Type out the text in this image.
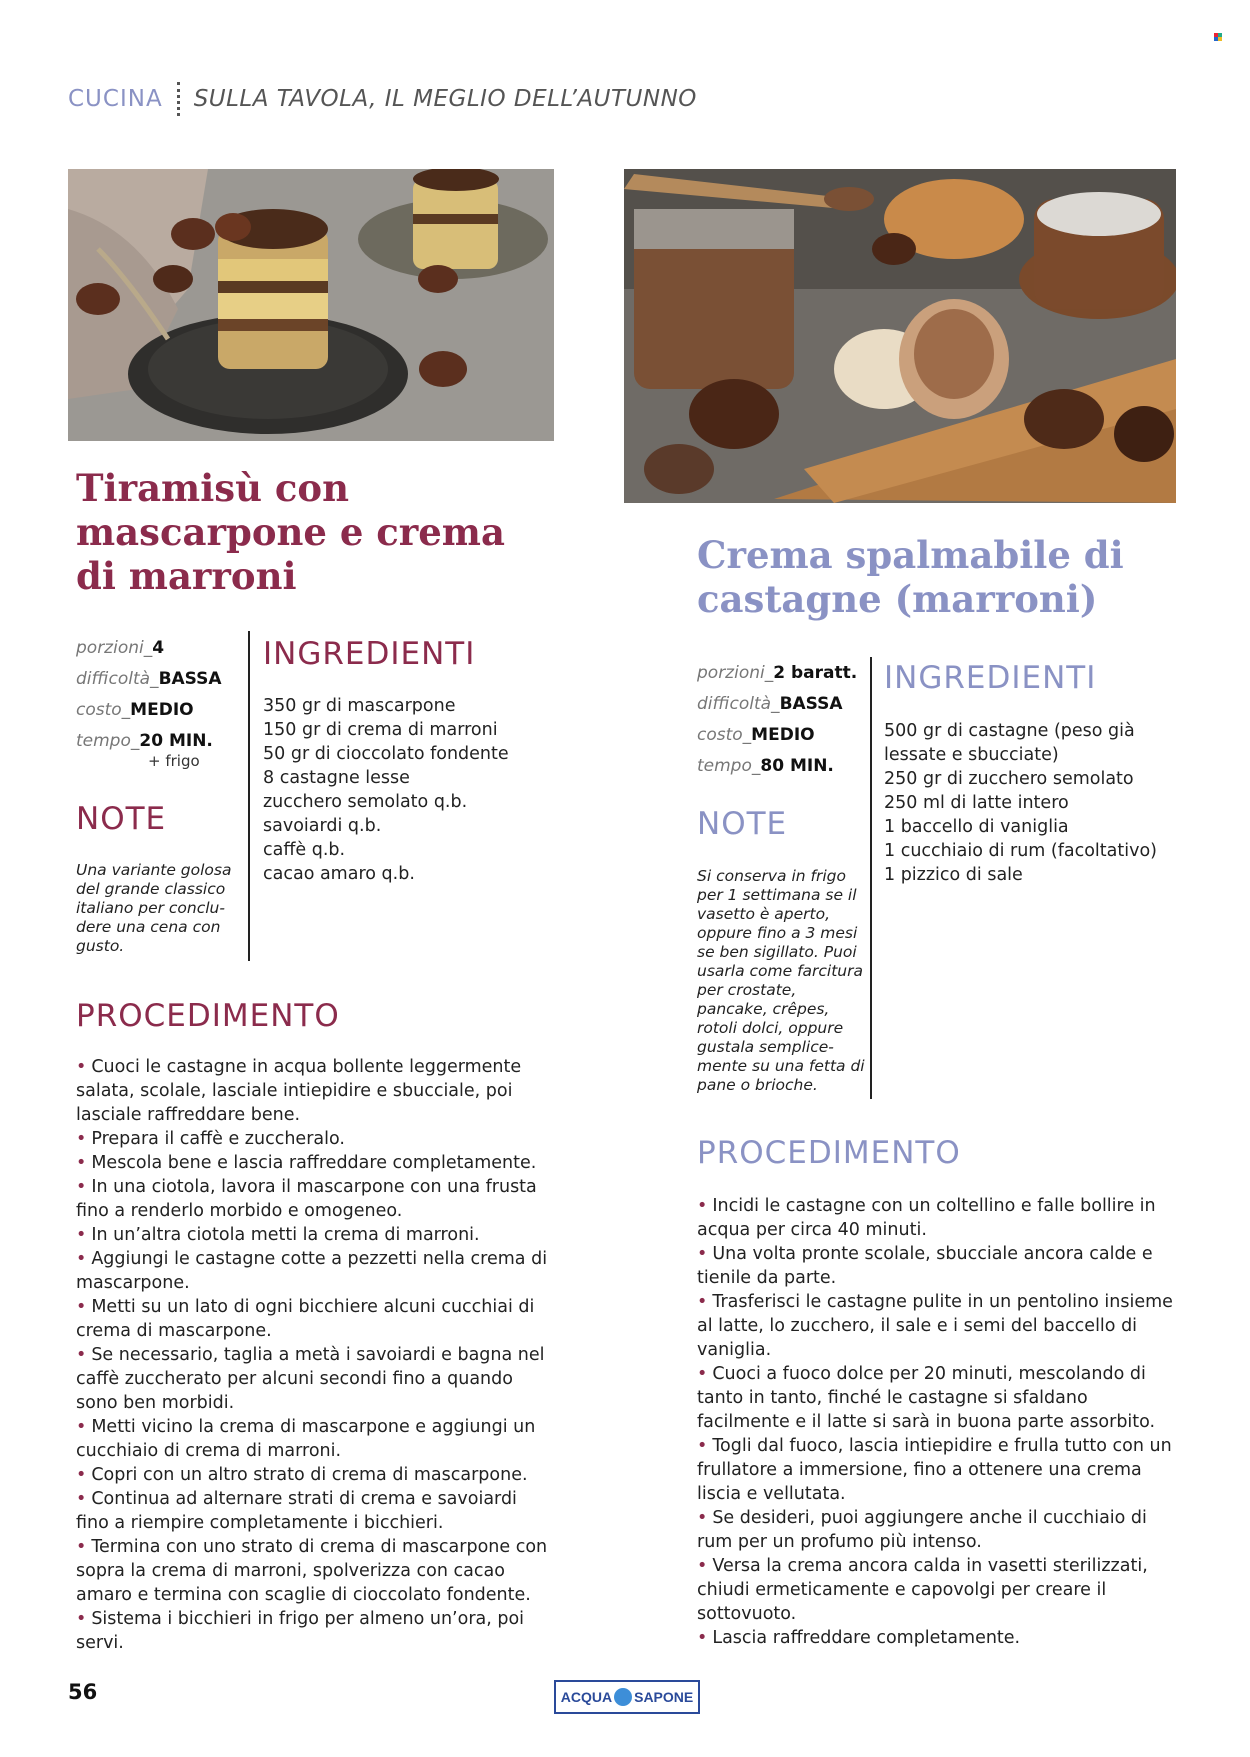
CUCINA SULLA TAVOLA, IL MEGLIO DELL’AUTUNNO
Tiramisù con mascarpone e crema di marroni
porzioni_4
difficoltà_BASSA
costo_MEDIO
tempo_20 MIN.
+ frigo
NOTE
Una variante golosa del grande classico italiano per conclu- dere una cena con gusto.
INGREDIENTI
350 gr di mascarpone
150 gr di crema di marroni
50 gr di cioccolato fondente
8 castagne lesse
zucchero semolato q.b.
savoiardi q.b.
caffè q.b.
cacao amaro q.b.
PROCEDIMENTO
• Cuoci le castagne in acqua bollente leggermente salata, scolale, lasciale intiepidire e sbucciale, poi lasciale raffreddare bene.
• Prepara il caffè e zuccheralo.
• Mescola bene e lascia raffreddare completamente.
• In una ciotola, lavora il mascarpone con una frusta fino a renderlo morbido e omogeneo.
• In un’altra ciotola metti la crema di marroni.
• Aggiungi le castagne cotte a pezzetti nella crema di mascarpone.
• Metti su un lato di ogni bicchiere alcuni cucchiai di crema di mascarpone.
• Se necessario, taglia a metà i savoiardi e bagna nel caffè zuccherato per alcuni secondi fino a quando sono ben morbidi.
• Metti vicino la crema di mascarpone e aggiungi un cucchiaio di crema di marroni.
• Copri con un altro strato di crema di mascarpone.
• Continua ad alternare strati di crema e savoiardi fino a riempire completamente i bicchieri.
• Termina con uno strato di crema di mascarpone con sopra la crema di marroni, spolverizza con cacao amaro e termina con scaglie di cioccolato fondente.
• Sistema i bicchieri in frigo per almeno un’ora, poi servi.
Crema spalmabile di castagne (marroni)
porzioni_2 baratt.
difficoltà_BASSA
costo_MEDIO
tempo_80 MIN.
NOTE
Si conserva in frigo per 1 settimana se il vasetto è aperto, oppure fino a 3 mesi se ben sigillato. Puoi usarla come farcitura per crostate, pancake, crêpes, rotoli dolci, oppure gustala semplice- mente su una fetta di pane o brioche.
INGREDIENTI
500 gr di castagne (peso già lessate e sbucciate)
250 gr di zucchero semolato
250 ml di latte intero
1 baccello di vaniglia
1 cucchiaio di rum (facoltativo)
1 pizzico di sale
PROCEDIMENTO
• Incidi le castagne con un coltellino e falle bollire in acqua per circa 40 minuti.
• Una volta pronte scolale, sbucciale ancora calde e tienile da parte.
• Trasferisci le castagne pulite in un pentolino insieme al latte, lo zucchero, il sale e i semi del baccello di vaniglia.
• Cuoci a fuoco dolce per 20 minuti, mescolando di tanto in tanto, finché le castagne si sfaldano facilmente e il latte si sarà in buona parte assorbito.
• Togli dal fuoco, lascia intiepidire e frulla tutto con un frullatore a immersione, fino a ottenere una crema liscia e vellutata.
• Se desideri, puoi aggiungere anche il cucchiaio di rum per un profumo più intenso.
• Versa la crema ancora calda in vasetti sterilizzati, chiudi ermeticamente e capovolgi per creare il sottovuoto.
• Lascia raffreddare completamente.
56	ACQUA SAPONE
